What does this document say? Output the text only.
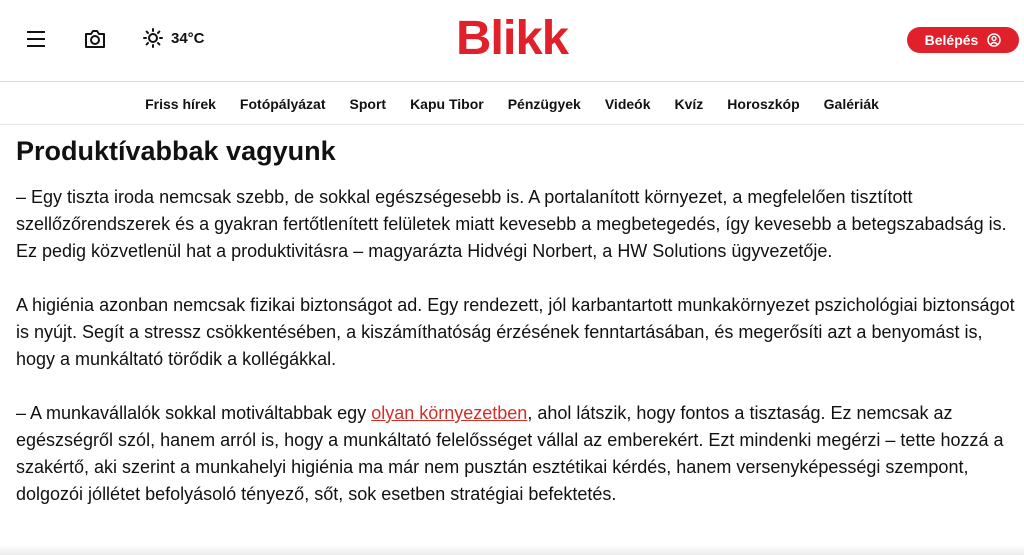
34°C	Blikk	Belépés
Friss hírek Fotópályázat Sport Kapu Tibor Pénzügyek Videók Kvíz Horoszkóp Galériák
Produktívabbak vagyunk

– Egy tiszta iroda nemcsak szebb, de sokkal egészségesebb is. A portalanított környezet, a megfelelően tisztított szellőzőrendszerek és a gyakran fertőtlenített felületek miatt kevesebb a megbetegedés, így kevesebb a betegszabadság is. Ez pedig közvetlenül hat a produktivitásra – magyarázta Hidvégi Norbert, a HW Solutions ügyvezetője.

A higiénia azonban nemcsak fizikai biztonságot ad. Egy rendezett, jól karbantartott munkakörnyezet pszichológiai biztonságot is nyújt. Segít a stressz csökkentésében, a kiszámíthatóság érzésének fenntartásában, és megerősíti azt a benyomást is, hogy a munkáltató törődik a kollégákkal.

– A munkavállalók sokkal motiváltabbak egy olyan környezetben, ahol látszik, hogy fontos a tisztaság. Ez nemcsak az egészségről szól, hanem arról is, hogy a munkáltató felelősséget vállal az emberekért. Ezt mindenki megérzi – tette hozzá a szakértő, aki szerint a munkahelyi higiénia ma már nem pusztán esztétikai kérdés, hanem versenyképességi szempont, dolgozói jóllétet befolyásoló tényező, sőt, sok esetben stratégiai befektetés.
